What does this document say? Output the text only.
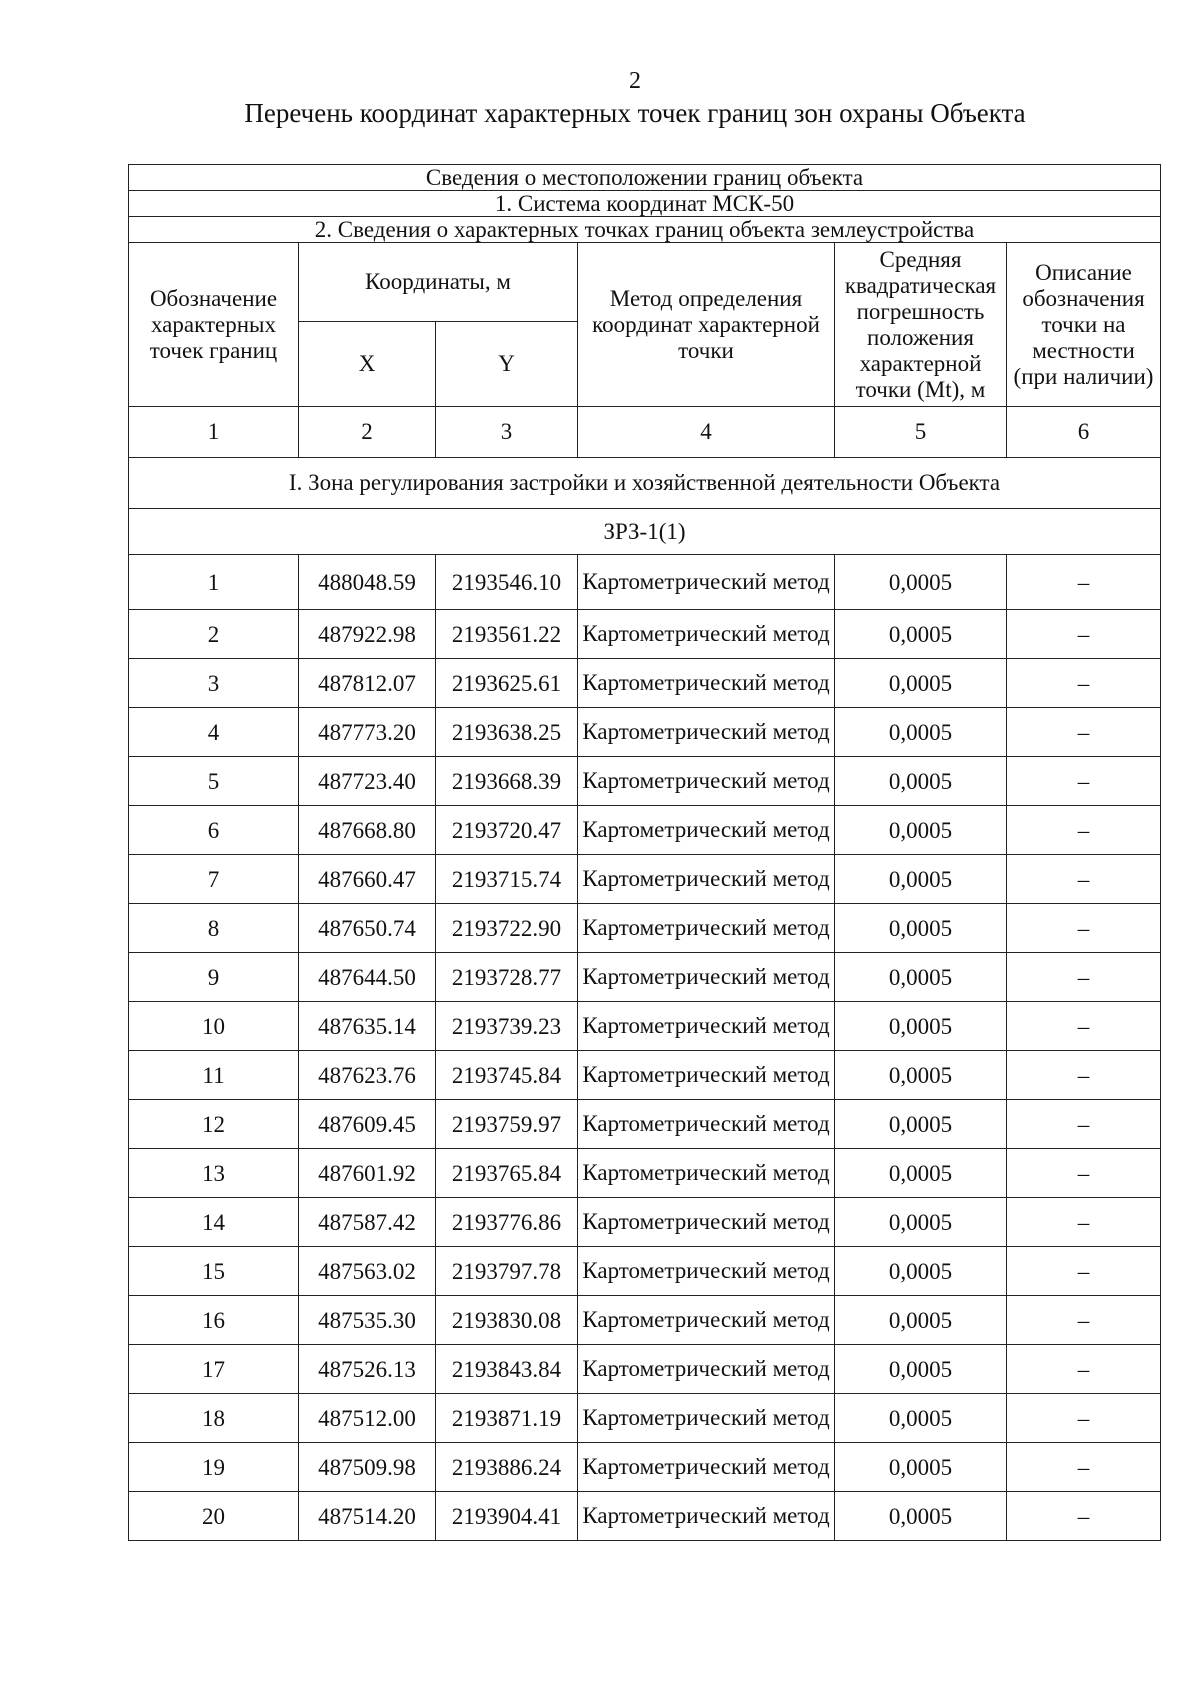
2
Перечень координат характерных точек границ зон охраны Объекта
Сведения о местоположении границ объекта					
1. Система координат МСК-50					
2. Сведения о характерных точках границ объекта землеустройства					
Обозначение характерных точек границ	Координаты, м		Метод определения координат характерной точки	Средняя квадратическая погрешность положения характерной точки (Mt), м	Описание обозначения точки на местности (при наличии)
	X	Y			
1	2	3	4	5	6
I. Зона регулирования застройки и хозяйственной деятельности Объекта					
ЗРЗ-1(1)					
1	488048.59	2193546.10	Картометрический метод	0,0005	–
2	487922.98	2193561.22	Картометрический метод	0,0005	–
3	487812.07	2193625.61	Картометрический метод	0,0005	–
4	487773.20	2193638.25	Картометрический метод	0,0005	–
5	487723.40	2193668.39	Картометрический метод	0,0005	–
6	487668.80	2193720.47	Картометрический метод	0,0005	–
7	487660.47	2193715.74	Картометрический метод	0,0005	–
8	487650.74	2193722.90	Картометрический метод	0,0005	–
9	487644.50	2193728.77	Картометрический метод	0,0005	–
10	487635.14	2193739.23	Картометрический метод	0,0005	–
11	487623.76	2193745.84	Картометрический метод	0,0005	–
12	487609.45	2193759.97	Картометрический метод	0,0005	–
13	487601.92	2193765.84	Картометрический метод	0,0005	–
14	487587.42	2193776.86	Картометрический метод	0,0005	–
15	487563.02	2193797.78	Картометрический метод	0,0005	–
16	487535.30	2193830.08	Картометрический метод	0,0005	–
17	487526.13	2193843.84	Картометрический метод	0,0005	–
18	487512.00	2193871.19	Картометрический метод	0,0005	–
19	487509.98	2193886.24	Картометрический метод	0,0005	–
20	487514.20	2193904.41	Картометрический метод	0,0005	–
